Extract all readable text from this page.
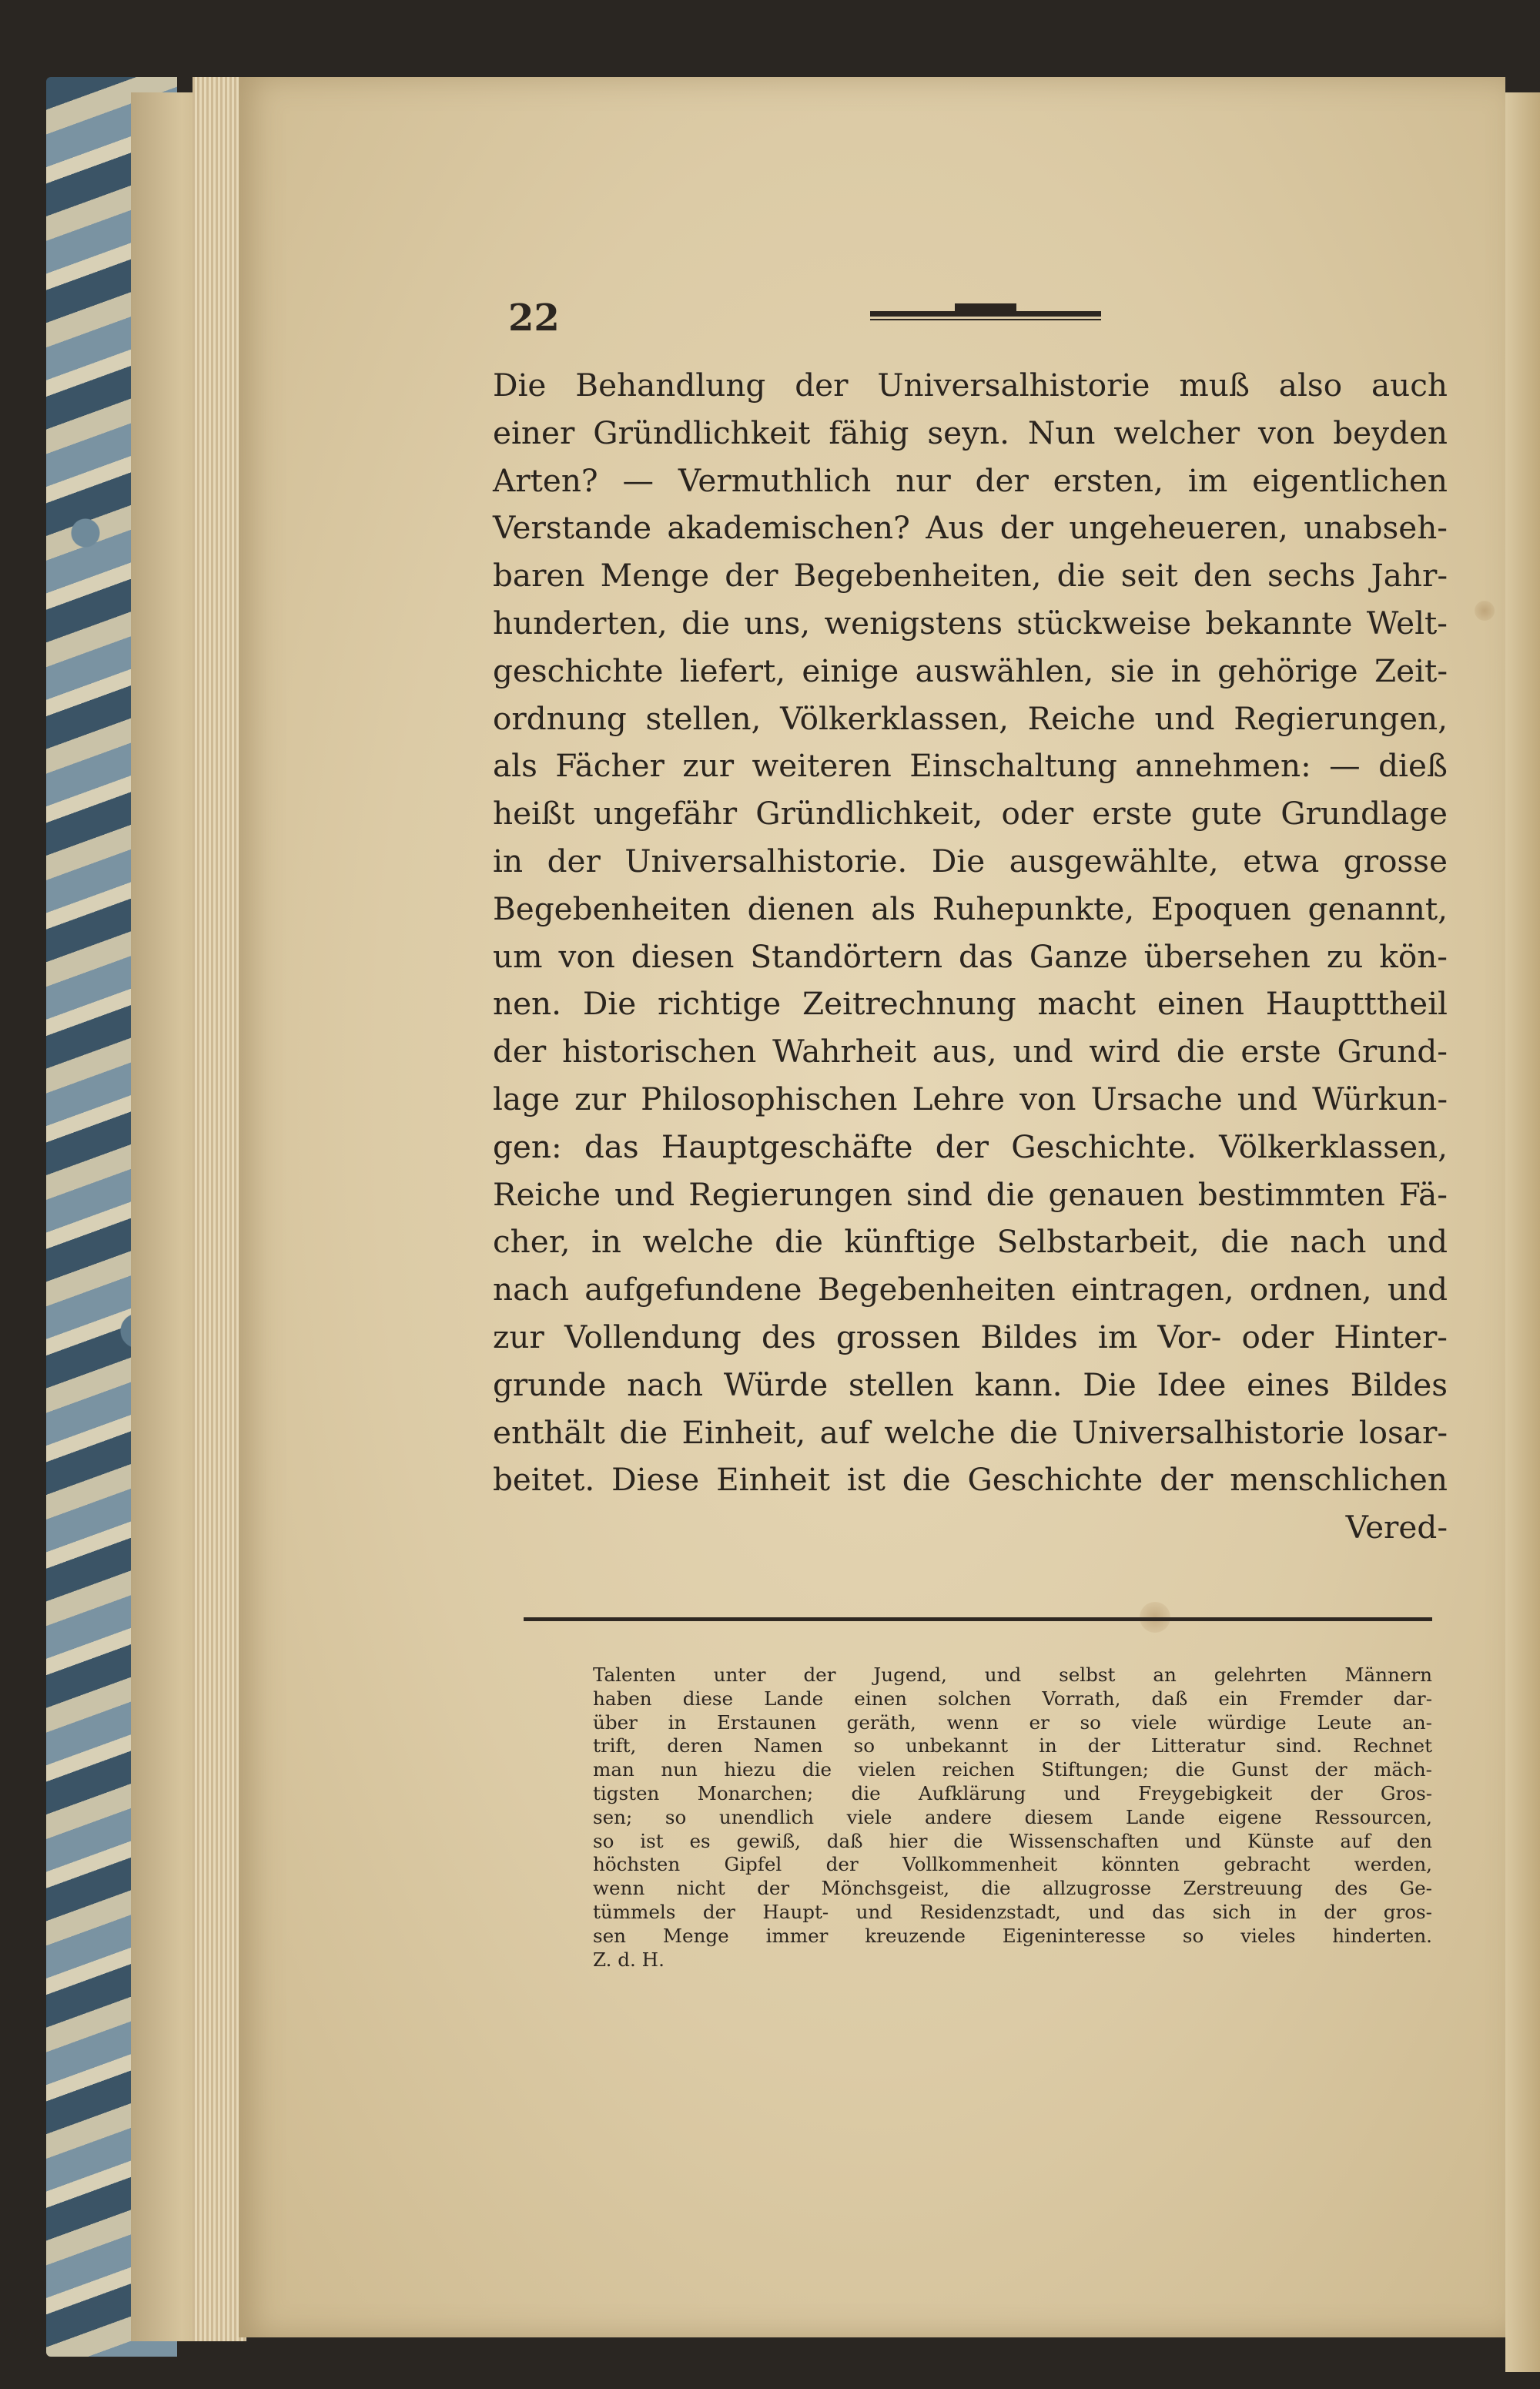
22
Die Behandlung der Universalhistorie muß also auch
einer Gründlichkeit fähig seyn. Nun welcher von beyden
Arten? — Vermuthlich nur der ersten, im eigentlichen
Verstande akademischen? Aus der ungeheueren, unabseh-
baren Menge der Begebenheiten, die seit den sechs Jahr-
hunderten, die uns, wenigstens stückweise bekannte Welt-
geschichte liefert, einige auswählen, sie in gehörige Zeit-
ordnung stellen, Völkerklassen, Reiche und Regierungen,
als Fächer zur weiteren Einschaltung annehmen: — dieß
heißt ungefähr Gründlichkeit, oder erste gute Grundlage
in der Universalhistorie. Die ausgewählte, etwa grosse
Begebenheiten dienen als Ruhepunkte, Epoquen genannt,
um von diesen Standörtern das Ganze übersehen zu kön-
nen. Die richtige Zeitrechnung macht einen Hauptttheil
der historischen Wahrheit aus, und wird die erste Grund-
lage zur Philosophischen Lehre von Ursache und Würkun-
gen: das Hauptgeschäfte der Geschichte. Völkerklassen,
Reiche und Regierungen sind die genauen bestimmten Fä-
cher, in welche die künftige Selbstarbeit, die nach und
nach aufgefundene Begebenheiten eintragen, ordnen, und
zur Vollendung des grossen Bildes im Vor- oder Hinter-
grunde nach Würde stellen kann. Die Idee eines Bildes
enthält die Einheit, auf welche die Universalhistorie losar-
beitet. Diese Einheit ist die Geschichte der menschlichen
Vered-
Talenten unter der Jugend, und selbst an gelehrten Männern
haben diese Lande einen solchen Vorrath, daß ein Fremder dar-
über in Erstaunen geräth, wenn er so viele würdige Leute an-
trift, deren Namen so unbekannt in der Litteratur sind. Rechnet
man nun hiezu die vielen reichen Stiftungen; die Gunst der mäch-
tigsten Monarchen; die Aufklärung und Freygebigkeit der Gros-
sen; so unendlich viele andere diesem Lande eigene Ressourcen,
so ist es gewiß, daß hier die Wissenschaften und Künste auf den
höchsten Gipfel der Vollkommenheit könnten gebracht werden,
wenn nicht der Mönchsgeist, die allzugrosse Zerstreuung des Ge-
tümmels der Haupt- und Residenzstadt, und das sich in der gros-
sen Menge immer kreuzende Eigeninteresse so vieles hinderten.
Z. d. H.
